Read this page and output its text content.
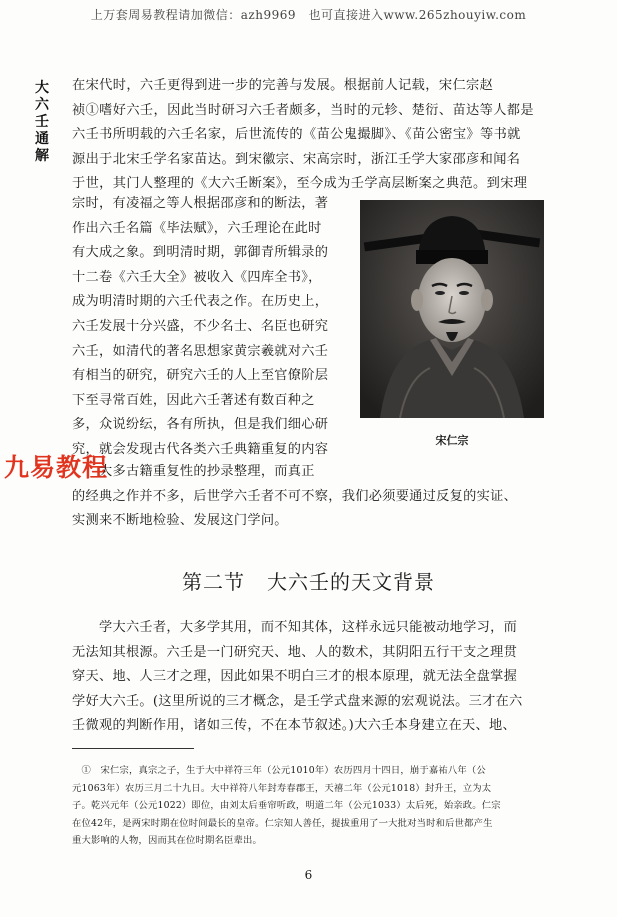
上万套周易教程请加微信：azh9969　也可直接进入www.265zhouyiw.com
大
六
壬
通
解
在宋代时，六壬更得到进一步的完善与发展。根据前人记载，宋仁宗赵
祯①嗜好六壬，因此当时研习六壬者颇多，当时的元轸、楚衍、苗达等人都是
六壬书所明载的六壬名家，后世流传的《苗公鬼撮脚》、《苗公密宝》等书就
源出于北宋壬学名家苗达。到宋徽宗、宋高宗时，浙江壬学大家邵彦和闻名
于世，其门人整理的《大六壬断案》，至今成为壬学高层断案之典范。到宋理
宗时，有凌福之等人根据邵彦和的断法，著
作出六壬名篇《毕法赋》，六壬理论在此时
有大成之象。到明清时期，郭御青所辑录的
十二卷《六壬大全》被收入《四库全书》，
成为明清时期的六壬代表之作。在历史上，
六壬发展十分兴盛，不少名士、名臣也研究
六壬，如清代的著名思想家黄宗羲就对六壬
有相当的研究，研究六壬的人上至官僚阶层
下至寻常百姓，因此六壬著述有数百种之
多，众说纷纭，各有所执，但是我们细心研
究，就会发现古代各类六壬典籍重复的内容
宋仁宗
九易教程
　　大多古籍重复性的抄录整理，而真正
的经典之作并不多，后世学六壬者不可不察，我们必须要通过反复的实证、
实测来不断地检验、发展这门学问。
第二节 大六壬的天文背景
　　学大六壬者，大多学其用，而不知其体，这样永远只能被动地学习，而
无法知其根源。六壬是一门研究天、地、人的数术，其阴阳五行干支之理贯
穿天、地、人三才之理，因此如果不明白三才的根本原理，就无法全盘掌握
学好大六壬。(这里所说的三才概念，是壬学式盘来源的宏观说法。三才在六
壬微观的判断作用，诸如三传，不在本节叙述。)大六壬本身建立在天、地、
　①　宋仁宗，真宗之子，生于大中祥符三年（公元1010年）农历四月十四日，崩于嘉祐八年（公
元1063年）农历三月二十九日。大中祥符八年封寿春郡王，天禧二年（公元1018）封升王，立为太
子。乾兴元年（公元1022）即位，由刘太后垂帘听政，明道二年（公元1033）太后死，始亲政。仁宗
在位42年，是两宋时期在位时间最长的皇帝。仁宗知人善任，提拔重用了一大批对当时和后世都产生
重大影响的人物，因而其在位时期名臣辈出。
6
